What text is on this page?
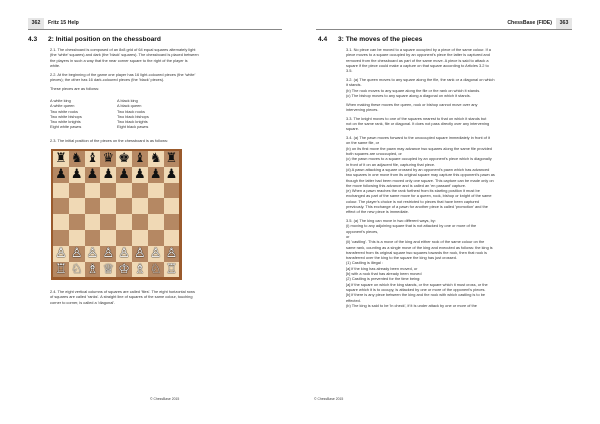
362	Fritz 15 Help
4.3 2: Initial position on the chessboard

2.1. The chessboard is composed of an 8x8 grid of 64 equal squares alternately light
(the 'white' squares) and dark (the 'black' squares). The chessboard is placed between
the players in such a way that the near corner square to the right of the player is
white.

2.2. At the beginning of the game one player has 16 light-coloured pieces (the 'white'
pieces); the other has 16 dark-coloured pieces (the 'black' pieces).

These pieces are as follows:

A white king
A white queen
Two white rooks
Two white bishops
Two white knights
Eight white pawns
A black king
A black queen
Two black rooks
Two black bishops
Two black knights
Eight black pawns
2.3. The initial position of the pieces on the chessboard is as follows:
♜ ♞ ♝ ♛ ♚ ♝ ♞ ♜
♟ ♟ ♟ ♟ ♟ ♟ ♟ ♟
♙ ♙ ♙ ♙ ♙ ♙ ♙ ♙
♖ ♘ ♗ ♕ ♔ ♗ ♘ ♖
2.4. The eight vertical columns of squares are called 'files'. The eight horizontal rows
of squares are called 'ranks'. A straight line of squares of the same colour, touching
corner to corner, is called a 'diagonal'.
© ChessBase 2015
ChessBase (FIDE)	363
4.4 3: The moves of the pieces

3.1. No piece can be moved to a square occupied by a piece of the same colour. If a
piece moves to a square occupied by an opponent's piece the latter is captured and
removed from the chessboard as part of the same move. A piece is said to attack a
square if the piece could make a capture on that square according to Articles 3.2 to
3.5.

3.2. (a) The queen moves to any square along the file, the rank or a diagonal on which
it stands.
(b) The rook moves to any square along the file or the rank on which it stands.
(c) The bishop moves to any square along a diagonal on which it stands.

When making these moves the queen, rook or bishop cannot move over any
intervening pieces.

3.3. The knight moves to one of the squares nearest to that on which it stands but
not on the same rank, file or diagonal. It does not pass directly over any intervening
square.

3.4. (a) The pawn moves forward to the unoccupied square immediately in front of it
on the same file, or
(b) on its first move the pawn may advance two squares along the same file provided
both squares are unoccupied, or
(c) the pawn moves to a square occupied by an opponent's piece which is diagonally
in front of it on an adjacent file, capturing that piece.
(d) A pawn attacking a square crossed by an opponent's pawn which has advanced
two squares in one move from its original square may capture this opponent's pawn as
though the latter had been moved only one square. This capture can be made only on
the move following this advance and is called an 'en passant' capture.
(e) When a pawn reaches the rank furthest from its starting position it must be
exchanged as part of the same move for a queen, rook, bishop or knight of the same
colour. The player's choice is not restricted to pieces that have been captured
previously. This exchange of a pawn for another piece is called 'promotion' and the
effect of the new piece is immediate.

3.5. (a) The king can move in two different ways, by:
(i) moving to any adjoining square that is not attacked by one or more of the
opponent's pieces,
or
(ii) 'castling'. This is a move of the king and either rook of the same colour on the
same rank, counting as a single move of the king and executed as follows: the king is
transferred from its original square two squares towards the rook, then that rook is
transferred over the king to the square the king has just crossed.
(1) Castling is illegal :
[a] if the king has already been moved, or
[b] with a rook that has already been moved
(2) Castling is prevented for the time being:
[a] if the square on which the king stands, or the square which it must cross, or the
square which it is to occupy, is attacked by one or more of the opponent's pieces.
[b] if there is any piece between the king and the rook with which castling is to be
effected.
(b) The king is said to be 'in check', if it is under attack by one or more of the

© ChessBase 2015
